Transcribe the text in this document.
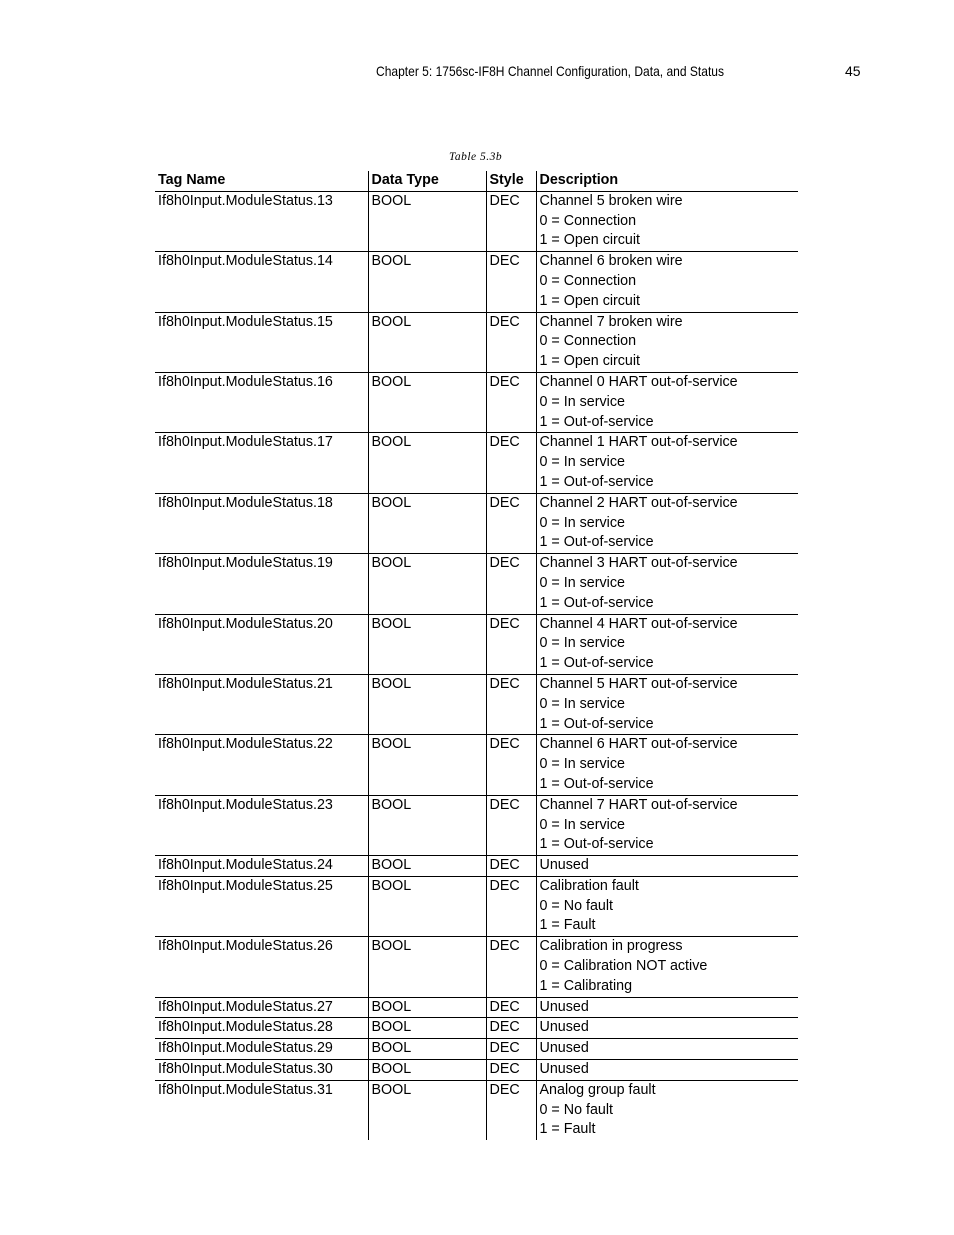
Chapter 5: 1756sc-IF8H Channel Configuration, Data, and Status	45
Table 5.3b
Tag Name	Data Type	Style	Description
If8h0Input.ModuleStatus.13	BOOL	DEC	Channel 5 broken wire
0 = Connection
1 = Open circuit

If8h0Input.ModuleStatus.14	BOOL	DEC	Channel 6 broken wire
0 = Connection
1 = Open circuit

If8h0Input.ModuleStatus.15	BOOL	DEC	Channel 7 broken wire
0 = Connection
1 = Open circuit

If8h0Input.ModuleStatus.16	BOOL	DEC	Channel 0 HART out-of-service
0 = In service
1 = Out-of-service

If8h0Input.ModuleStatus.17	BOOL	DEC	Channel 1 HART out-of-service
0 = In service
1 = Out-of-service

If8h0Input.ModuleStatus.18	BOOL	DEC	Channel 2 HART out-of-service
0 = In service
1 = Out-of-service

If8h0Input.ModuleStatus.19	BOOL	DEC	Channel 3 HART out-of-service
0 = In service
1 = Out-of-service

If8h0Input.ModuleStatus.20	BOOL	DEC	Channel 4 HART out-of-service
0 = In service
1 = Out-of-service

If8h0Input.ModuleStatus.21	BOOL	DEC	Channel 5 HART out-of-service
0 = In service
1 = Out-of-service

If8h0Input.ModuleStatus.22	BOOL	DEC	Channel 6 HART out-of-service
0 = In service
1 = Out-of-service

If8h0Input.ModuleStatus.23	BOOL	DEC	Channel 7 HART out-of-service
0 = In service
1 = Out-of-service

If8h0Input.ModuleStatus.24	BOOL	DEC	Unused

If8h0Input.ModuleStatus.25	BOOL	DEC	Calibration fault
0 = No fault
1 = Fault

If8h0Input.ModuleStatus.26	BOOL	DEC	Calibration in progress
0 = Calibration NOT active
1 = Calibrating

If8h0Input.ModuleStatus.27	BOOL	DEC	Unused

If8h0Input.ModuleStatus.28	BOOL	DEC	Unused

If8h0Input.ModuleStatus.29	BOOL	DEC	Unused

If8h0Input.ModuleStatus.30	BOOL	DEC	Unused

If8h0Input.ModuleStatus.31	BOOL	DEC	Analog group fault
0 = No fault
1 = Fault
